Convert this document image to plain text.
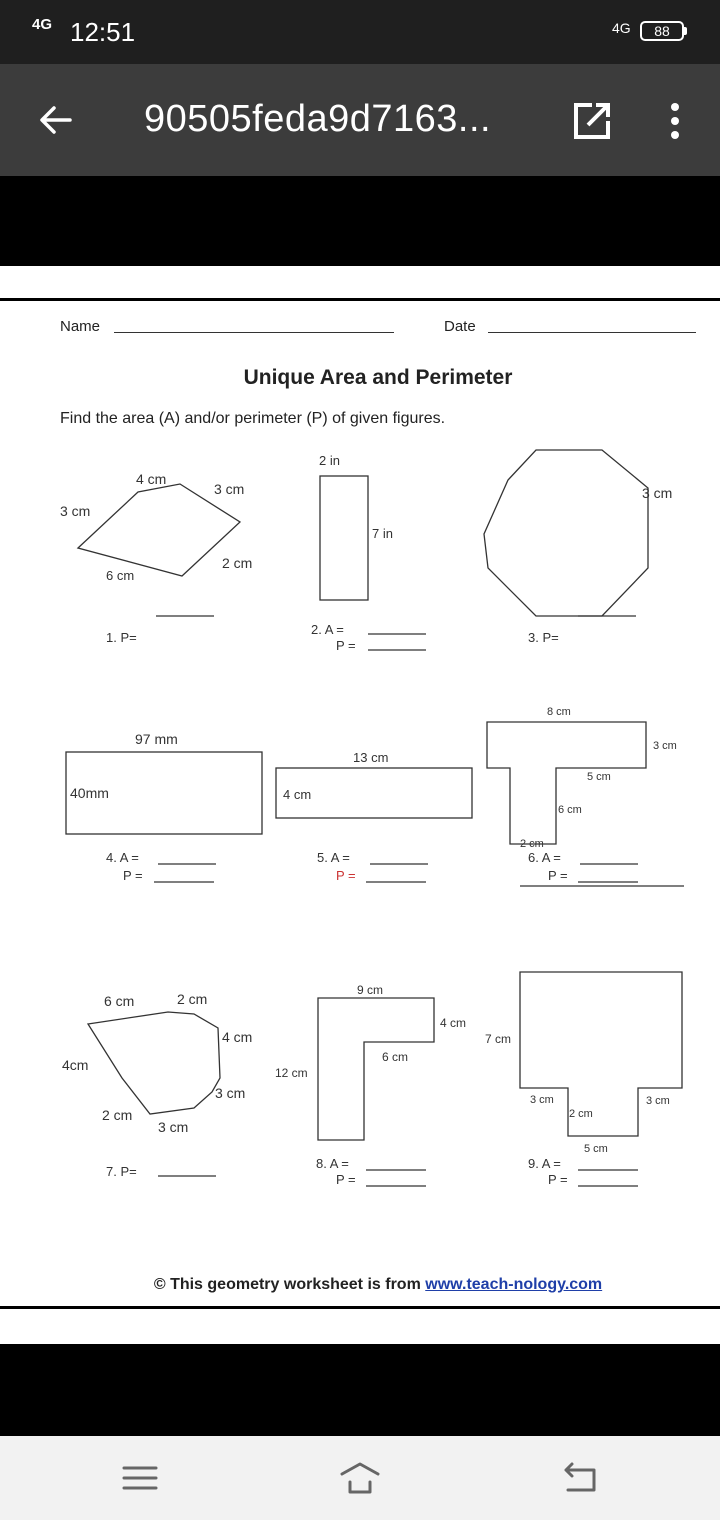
4G 12:51	4G	88
90505feda9d7163...
Name	Date
Unique Area and Perimeter
Find the area (A) and/or perimeter (P) of given figures.
4 cm
3 cm
3 cm
2 cm
6 cm
1. P=
2 in
7 in
2. A =
P =
3 cm
3. P=
97 mm
40mm
4. A =
P =
13 cm
4 cm
5. A =
P =
8 cm
3 cm
5 cm
6 cm
2 cm
6. A =
P =
6 cm	2 cm
4 cm
4cm
3 cm
2 cm
3 cm
7. P=
9 cm
4 cm
6 cm
12 cm
8. A =
P =
7 cm
3 cm	3 cm
2 cm
5 cm
9. A =
P =
© This geometry worksheet is from www.teach-nology.com
